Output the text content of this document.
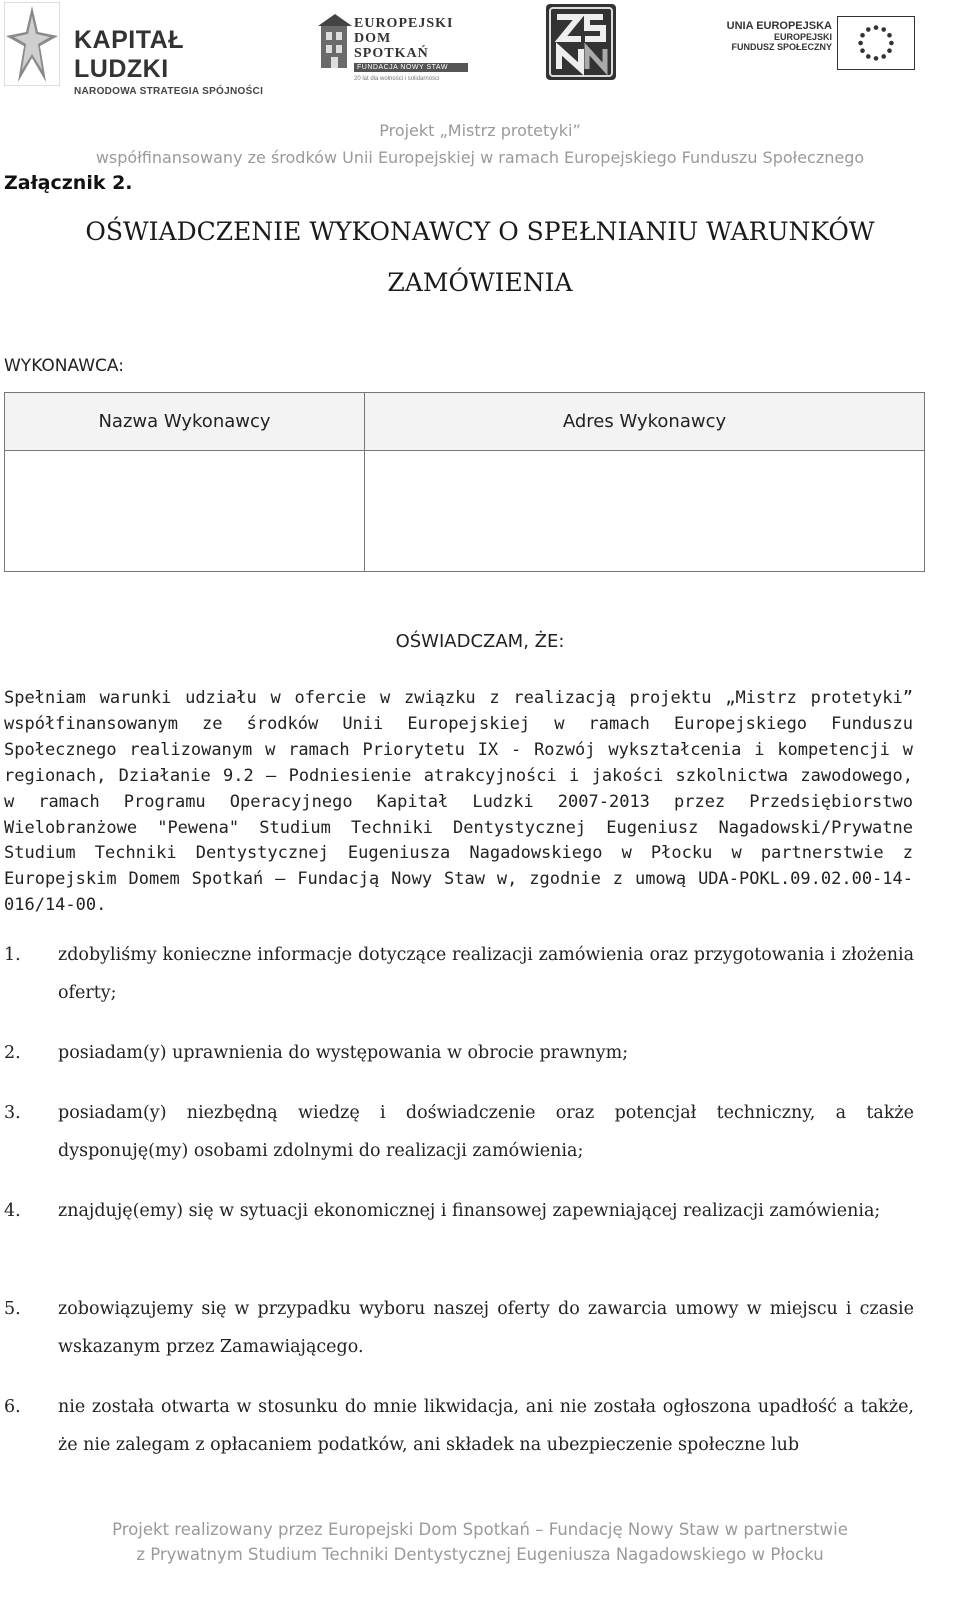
KAPITAŁ LUDZKI
NARODOWA STRATEGIA SPÓJNOŚCI
EUROPEJSKI
DOM SPOTKAŃ
FUNDACJA NOWY STAW
20 lat dla wolności i solidarności
UNIA EUROPEJSKA
EUROPEJSKI
FUNDUSZ SPOŁECZNY
Projekt „Mistrz protetyki”
współfinansowany ze środków Unii Europejskiej w ramach Europejskiego Funduszu Społecznego
Załącznik 2.
OŚWIADCZENIE WYKONAWCY O SPEŁNIANIU WARUNKÓW
ZAMÓWIENIA
WYKONAWCA:
Nazwa Wykonawcy	Adres Wykonawcy

OŚWIADCZAM, ŻE:

Spełniam warunki udziału w ofercie w związku z realizacją projektu „Mistrz protetyki” współfinansowanym ze środków Unii Europejskiej w ramach Europejskiego Funduszu Społecznego realizowanym w ramach Priorytetu IX - Rozwój wykształcenia i kompetencji w regionach, Działanie 9.2 – Podniesienie atrakcyjności i jakości szkolnictwa zawodowego, w ramach Programu Operacyjnego Kapitał Ludzki 2007-2013 przez Przedsiębiorstwo Wielobranżowe "Pewena" Studium Techniki Dentystycznej Eugeniusz Nagadowski/Prywatne Studium Techniki Dentystycznej Eugeniusza Nagadowskiego w Płocku w partnerstwie z Europejskim Domem Spotkań – Fundacją Nowy Staw w, zgodnie z umową UDA-POKL.09.02.00-14-016/14-00.

1. zdobyliśmy konieczne informacje dotyczące realizacji zamówienia oraz przygotowania i złożenia oferty;
2. posiadam(y) uprawnienia do występowania w obrocie prawnym;
3. posiadam(y) niezbędną wiedzę i doświadczenie oraz potencjał techniczny, a także dysponuję(my) osobami zdolnymi do realizacji zamówienia;
4. znajduję(emy) się w sytuacji ekonomicznej i finansowej zapewniającej realizacji zamówienia;
5. zobowiązujemy się w przypadku wyboru naszej oferty do zawarcia umowy w miejscu i czasie wskazanym przez Zamawiającego.
6. nie została otwarta w stosunku do mnie likwidacja, ani nie została ogłoszona upadłość a także, że nie zalegam z opłacaniem podatków, ani składek na ubezpieczenie społeczne lub
Projekt realizowany przez Europejski Dom Spotkań – Fundację Nowy Staw w partnerstwie
z Prywatnym Studium Techniki Dentystycznej Eugeniusza Nagadowskiego w Płocku
